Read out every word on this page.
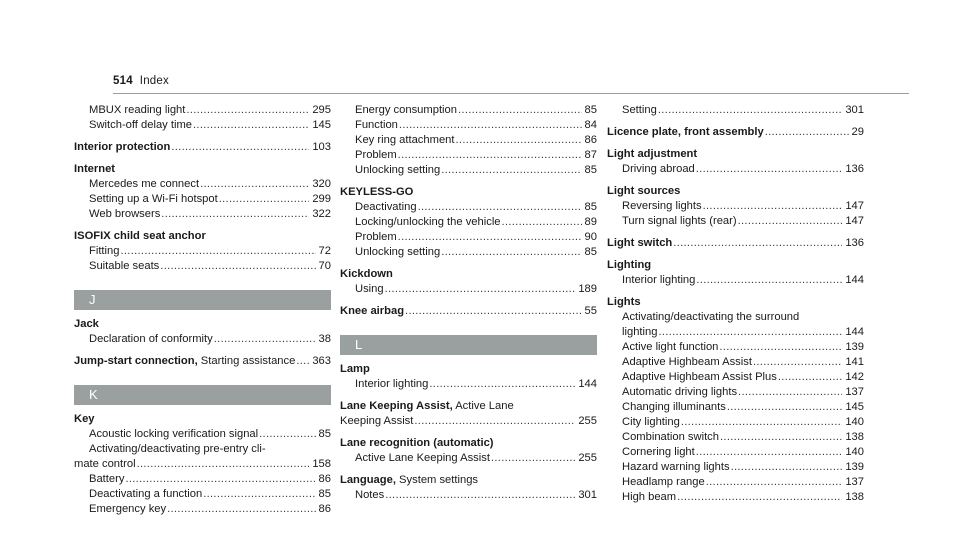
514 Index
MBUX reading light .....	295
Switch-off delay time .....	145
Interior protection .....	103
Internet
Mercedes me connect .....	320
Setting up a Wi-Fi hotspot .....	299
Web browsers .....	322
ISOFIX child seat anchor
Fitting .....	72
Suitable seats .....	70
J
Jack
Declaration of conformity .....	38
Jump-start connection, Starting assistance ..... 363
K
Key
Acoustic locking verification signal .....	85
Activating/deactivating pre-entry cli-
mate control .....	158
Battery .....	86
Deactivating a function .....	85
Emergency key .....	86
Energy consumption .....	85
Function .....	84
Key ring attachment .....	86
Problem .....	87
Unlocking setting .....	85
KEYLESS-GO
Deactivating .....	85
Locking/unlocking the vehicle .....	89
Problem .....	90
Unlocking setting .....	85
Kickdown
Using .....	189
Knee airbag .....	55
L
Lamp
Interior lighting .....	144
Lane Keeping Assist, Active Lane
Keeping Assist .....	255
Lane recognition (automatic)
Active Lane Keeping Assist .....	255
Language, System settings
Notes .....	301
Setting .....	301
Licence plate, front assembly .....	29
Light adjustment
Driving abroad .....	136
Light sources
Reversing lights .....	147
Turn signal lights (rear) .....	147
Light switch .....	136
Lighting
Interior lighting .....	144
Lights
Activating/deactivating the surround
lighting .....	144
Active light function .....	139
Adaptive Highbeam Assist .....	141
Adaptive Highbeam Assist Plus .....	142
Automatic driving lights .....	137
Changing illuminants .....	145
City lighting .....	140
Combination switch .....	138
Cornering light .....	140
Hazard warning lights .....	139
Headlamp range .....	137
High beam .....	138
